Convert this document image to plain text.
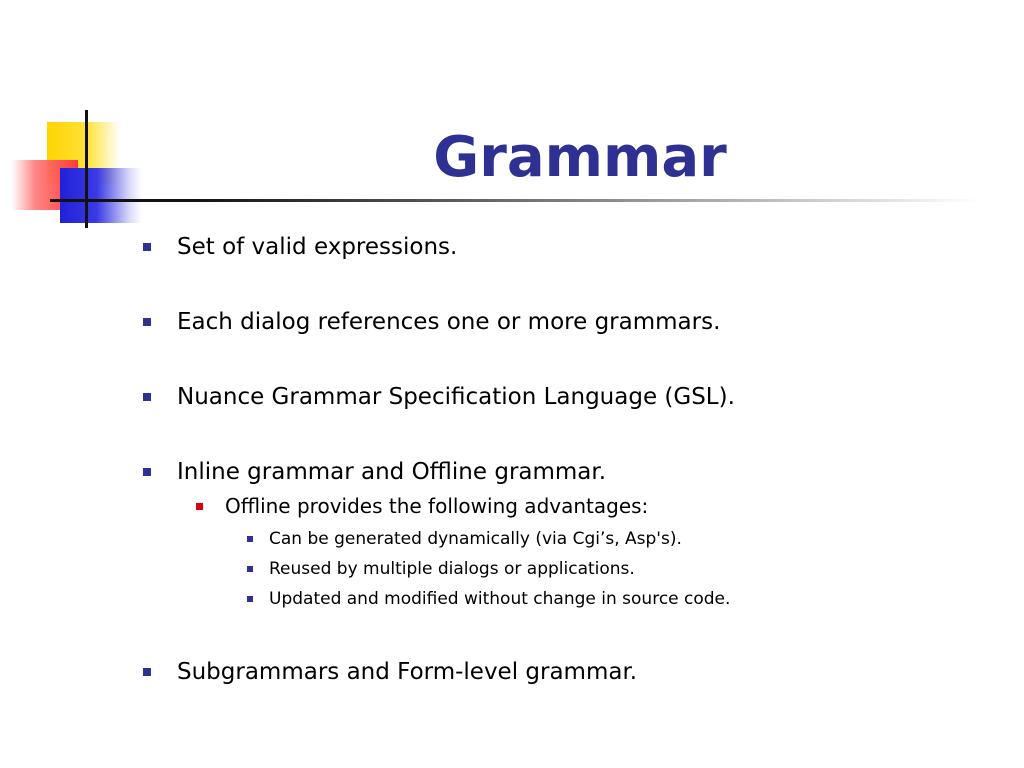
Grammar
Set of valid expressions.
Each dialog references one or more grammars.
Nuance Grammar Specification Language (GSL).
Inline grammar and Offline grammar.
Offline provides the following advantages:
Can be generated dynamically (via Cgi’s, Asp's).
Reused by multiple dialogs or applications.
Updated and modified without change in source code.
Subgrammars and Form-level grammar.
